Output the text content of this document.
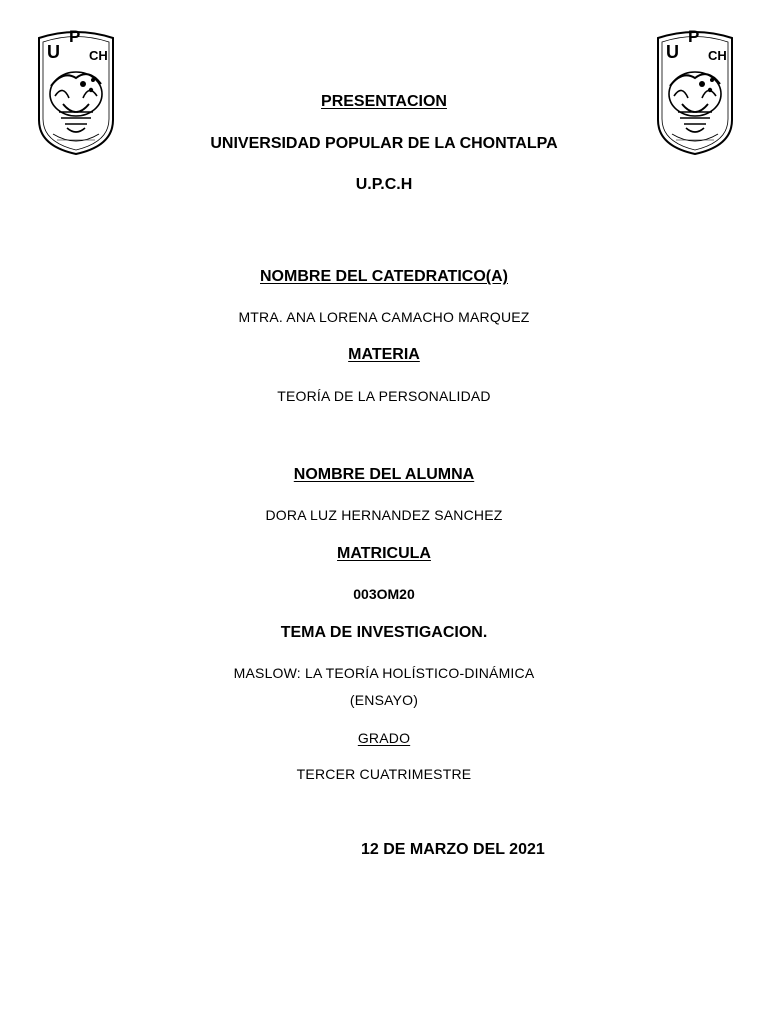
U
P
CH	U
P
CH

PRESENTACION

UNIVERSIDAD POPULAR DE LA CHONTALPA

U.P.C.H

NOMBRE DEL CATEDRATICO(A)

MTRA. ANA LORENA CAMACHO MARQUEZ

MATERIA

TEORÍA DE LA PERSONALIDAD

NOMBRE DEL ALUMNA

DORA LUZ HERNANDEZ SANCHEZ

MATRICULA

003OM20

TEMA DE INVESTIGACION.

MASLOW: LA TEORÍA HOLÍSTICO-DINÁMICA

(ENSAYO)

GRADO

TERCER CUATRIMESTRE

12 DE MARZO DEL 2021
